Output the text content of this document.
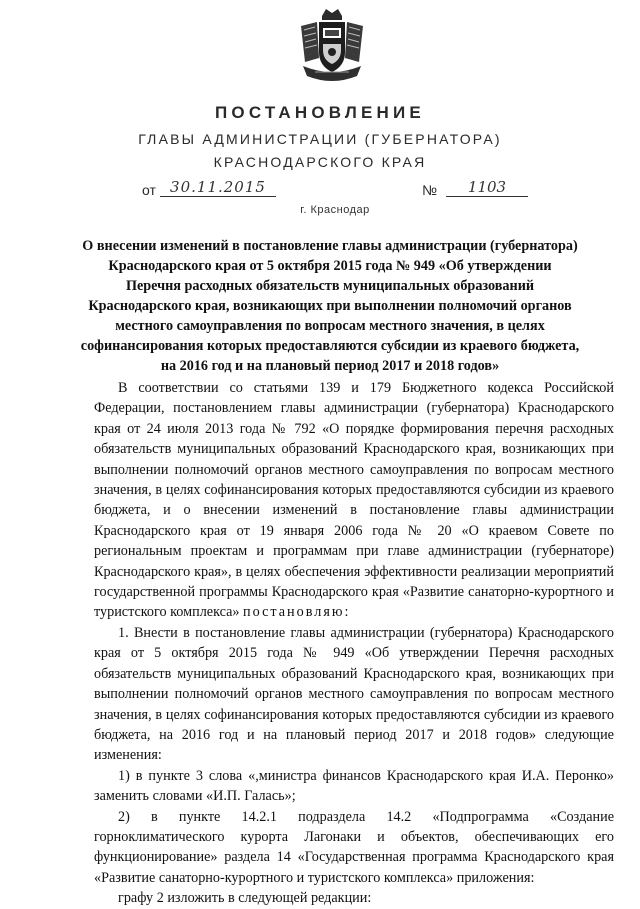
ПОСТАНОВЛЕНИЕ
ГЛАВЫ АДМИНИСТРАЦИИ (ГУБЕРНАТОРА)
КРАСНОДАРСКОГО КРАЯ
от 30.11.2015	№	1103
г. Краснодар
О внесении изменений в постановление главы администрации (губернатора) Краснодарского края от 5 октября 2015 года № 949 «Об утверждении Перечня расходных обязательств муниципальных образований Краснодарского края, возникающих при выполнении полномочий органов местного самоуправления по вопросам местного значения, в целях софинансирования которых предоставляются субсидии из краевого бюджета, на 2016 год и на плановый период 2017 и 2018 годов»

В соответствии со статьями 139 и 179 Бюджетного кодекса Российской Федерации, постановлением главы администрации (губернатора) Краснодарского края от 24 июля 2013 года № 792 «О порядке формирования перечня расходных обязательств муниципальных образований Краснодарского края, возникающих при выполнении полномочий органов местного самоуправления по вопросам местного значения, в целях софинансирования которых предоставляются субсидии из краевого бюджета, и о внесении изменений в постановление главы администрации Краснодарского края от 19 января 2006 года № 20 «О краевом Совете по региональным проектам и программам при главе администрации (губернаторе) Краснодарского края», в целях обеспечения эффективности реализации мероприятий государственной программы Краснодарского края «Развитие санаторно-курортного и туристского комплекса» постановляю:

1. Внести в постановление главы администрации (губернатора) Краснодарского края от 5 октября 2015 года № 949 «Об утверждении Перечня расходных обязательств муниципальных образований Краснодарского края, возникающих при выполнении полномочий органов местного самоуправления по вопросам местного значения, в целях софинансирования которых предоставляются субсидии из краевого бюджета, на 2016 год и на плановый период 2017 и 2018 годов» следующие изменения:

1) в пункте 3 слова «,министра финансов Краснодарского края И.А. Перонко» заменить словами «И.П. Галась»;

2) в пункте 14.2.1 подраздела 14.2 «Подпрограмма «Создание горноклиматического курорта Лагонаки и объектов, обеспечивающих его функционирование» раздела 14 «Государственная программа Краснодарского края «Развитие санаторно-курортного и туристского комплекса» приложения:

графу 2 изложить в следующей редакции:
